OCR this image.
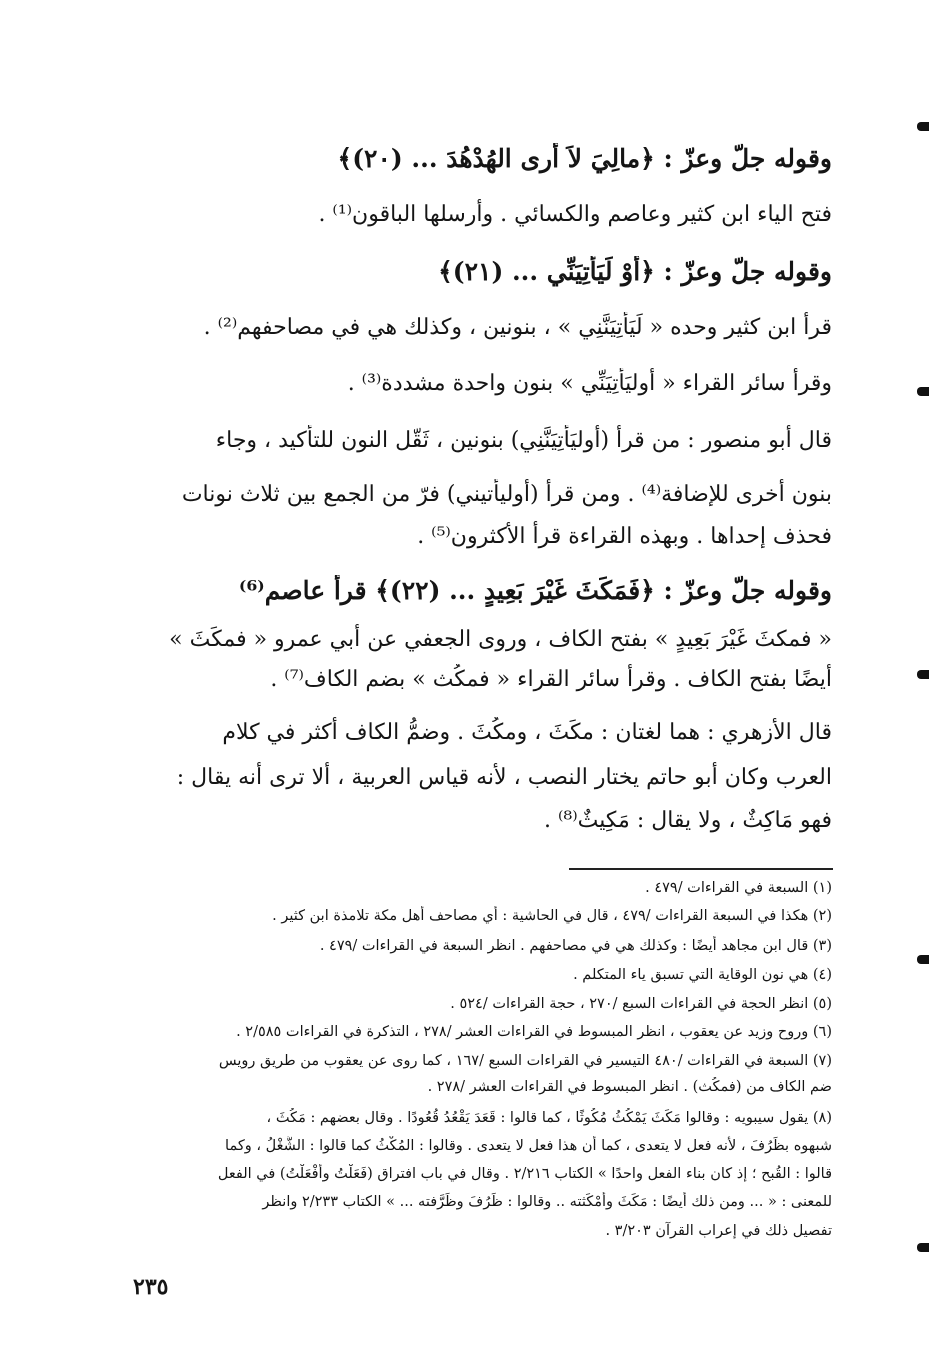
وقوله جلّ وعزّ : ﴿مالِيَ لاَ أَرى الهُدْهُدَ ... (٢٠)﴾
فتح الياء ابن كثير وعاصم والكسائي . وأرسلها الباقون⁽¹⁾ .
وقوله جلّ وعزّ : ﴿أوْ لَيَأْتِيَنِّي ... (٢١)﴾
قرأ ابن كثير وحده « لَيَأْتِيَنَّنِي » ، بنونين ، وكذلك هي في مصاحفهم⁽²⁾ .
وقرأ سائر القراء « أوليَأْتِيَنِّي » بنون واحدة مشددة⁽³⁾ .
قال أبو منصور : من قرأ (أوليَأْتِيَنَّنِي) بنونين ، ثَقّل النون للتأكيد ، وجاء
بنون أخرى للإضافة⁽⁴⁾ . ومن قرأ (أوليأتيني) فرّ من الجمع بين ثلاث نونات
فحذف إحداها . وبهذه القراءة قرأ الأكثرون⁽⁵⁾ .
وقوله جلّ وعزّ : ﴿فَمَكَثَ غَيْرَ بَعِيدٍ ... (٢٢)﴾ قرأ عاصم⁽⁶⁾
« فمكثَ غَيْرَ بَعِيدٍ » بفتح الكاف ، وروى الجعفي عن أبي عمرو « فمكَثَ »
أيضًا بفتح الكاف . وقرأ سائر القراء « فمكُث » بضم الكاف⁽⁷⁾ .
قال الأزهري : هما لغتان : مكَثَ ، ومكُثَ . وضمُّ الكاف أكثر في كلام
العرب وكان أبو حاتم يختار النصب ، لأنه قياس العربية ، ألا ترى أنه يقال :
فهو مَاكِثٌ ، ولا يقال : مَكِيثٌ⁽⁸⁾ .
(١) السبعة في القراءات /٤٧٩ .
(٢) هكذا في السبعة القراءات /٤٧٩ ، قال في الحاشية : أي مصاحف أهل مكة تلامذة ابن كثير .
(٣) قال ابن مجاهد أيضًا : وكذلك هي في مصاحفهم . انظر السبعة في القراءات /٤٧٩ .
(٤) هي نون الوقاية التي تسبق ياء المتكلم .
(٥) انظر الحجة في القراءات السبع /٢٧٠ ، حجة القراءات /٥٢٤ .
(٦) وروح وزيد عن يعقوب ، انظر المبسوط في القراءات العشر /٢٧٨ ، التذكرة في القراءات ٢/٥٨٥ .
(٧) السبعة في القراءات /٤٨٠ التيسير في القراءات السبع /١٦٧ ، كما روى عن يعقوب من طريق رويس
ضم الكاف من (فمكُث) . انظر المبسوط في القراءات العشر /٢٧٨ .
(٨) يقول سيبويه : وقالوا مَكَثَ يَمْكُثُ مُكُوثًا ، كما قالوا : قَعَدَ يَقْعُدُ قُعُودًا . وقال بعضهم : مَكُثَ ،
شبهوه بظَرُفَ ، لأنه فعل لا يتعدى ، كما أن هذا فعل لا يتعدى . وقالوا : المُكْثُ كما قالوا : الشُّغْلُ ، وكما
قالوا : القُبح ؛ إذ كان بناء الفعل واحدًا » الكتاب ٢/٢١٦ . وقال في باب افتراق (فَعَلْتُ وأفْعَلْتُ) في الفعل
للمعنى : « ... ومن ذلك أيضًا : مَكَثَ وأمْكَثته .. وقالوا : ظَرُفَ وظَرَّفته ... » الكتاب ٢/٢٣٣ وانظر
تفصيل ذلك في إعراب القرآن ٣/٢٠٣ .
٢٣٥
